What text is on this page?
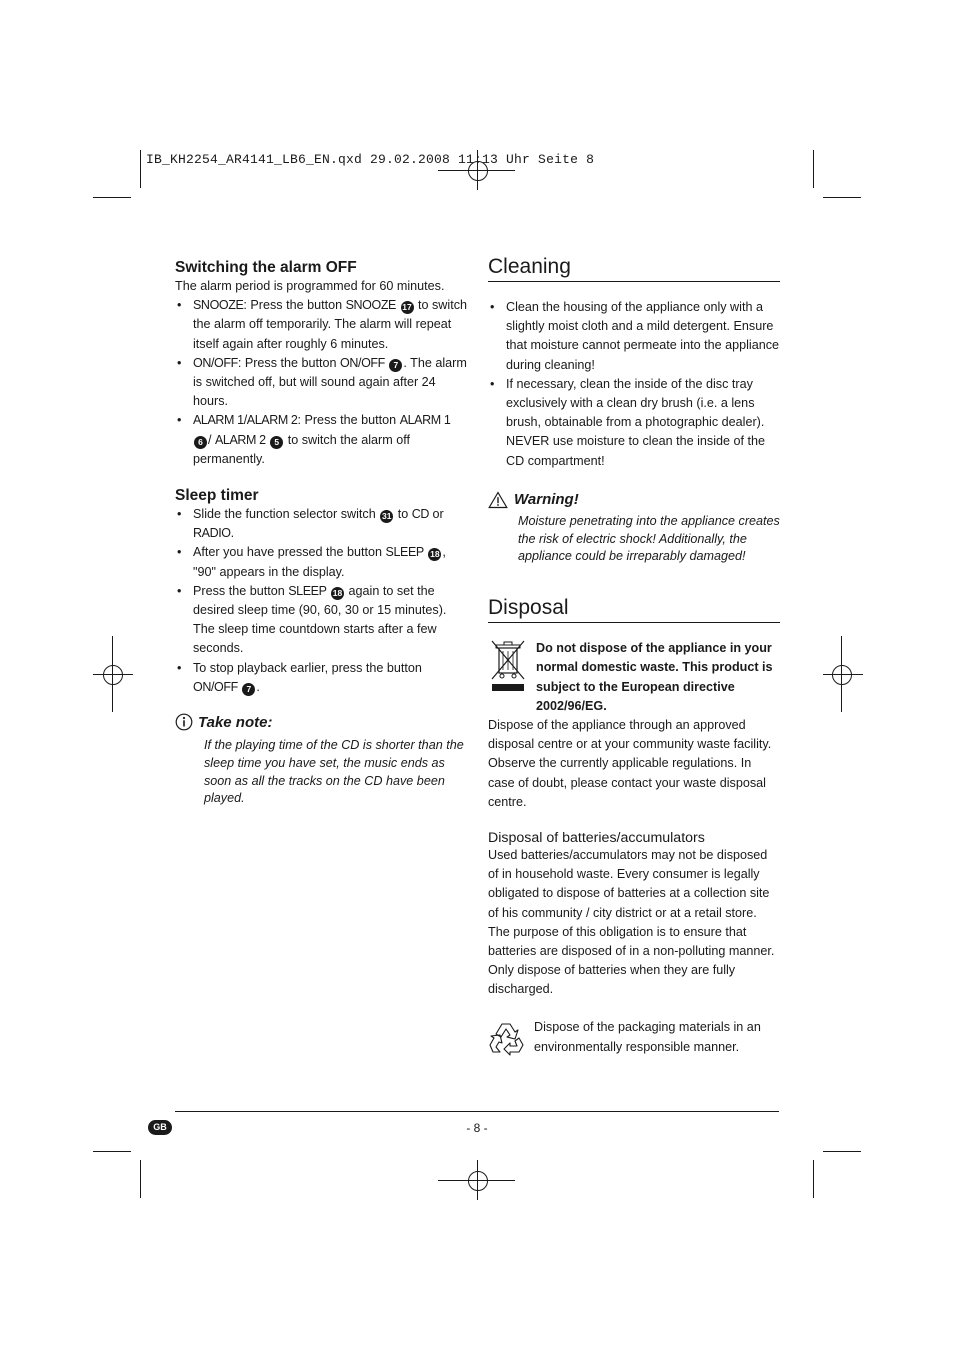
IB_KH2254_AR4141_LB6_EN.qxd 29.02.2008 11:13 Uhr Seite 8
Switching the alarm OFF
The alarm period is programmed for 60 minutes.
• SNOOZE: Press the button SNOOZE 17 to switch the alarm off temporarily. The alarm will repeat itself again after roughly 6 minutes.
• ON/OFF: Press the button ON/OFF 7 . The alarm is switched off, but will sound again after 24 hours.
• ALARM 1/ALARM 2: Press the button ALARM 1 6 / ALARM 2 5 to switch the alarm off permanently.
Sleep timer
• Slide the function selector switch 31 to CD or RADIO.
• After you have pressed the button SLEEP 18 , "90" appears in the display.
• Press the button SLEEP 18 again to set the desired sleep time (90, 60, 30 or 15 minutes). The sleep time countdown starts after a few seconds.
• To stop playback earlier, press the button ON/OFF 7 .
Take note:
If the playing time of the CD is shorter than the sleep time you have set, the music ends as soon as all the tracks on the CD have been played.
Cleaning
• Clean the housing of the appliance only with a slightly moist cloth and a mild detergent. Ensure that moisture cannot permeate into the appliance during cleaning!
• If necessary, clean the inside of the disc tray exclusively with a clean dry brush (i.e. a lens brush, obtainable from a photographic dealer). NEVER use moisture to clean the inside of the CD compartment!
Warning!
Moisture penetrating into the appliance creates the risk of electric shock! Additionally, the appliance could be irreparably damaged!
Disposal
Do not dispose of the appliance in your normal domestic waste. This product is subject to the European directive 2002/96/EG.
Dispose of the appliance through an approved disposal centre or at your community waste facility. Observe the currently applicable regulations. In case of doubt, please contact your waste disposal centre.
Disposal of batteries/accumulators
Used batteries/accumulators may not be disposed of in household waste. Every consumer is legally obligated to dispose of batteries at a collection site of his community / city district or at a retail store.
The purpose of this obligation is to ensure that batteries are disposed of in a non-polluting manner. Only dispose of batteries when they are fully discharged.
Dispose of the packaging materials in an environmentally responsible manner.
GB	- 8 -
